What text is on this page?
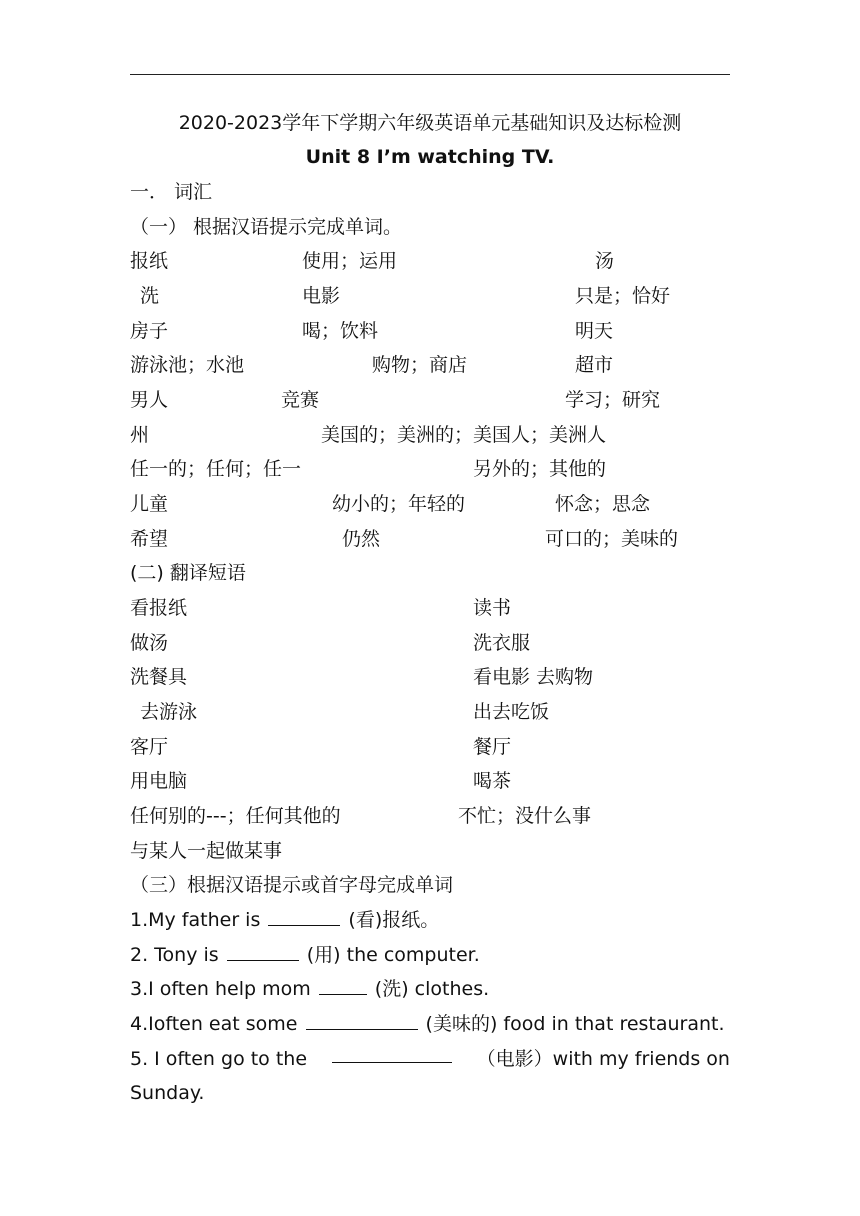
2020-2023学年下学期六年级英语单元基础知识及达标检测
Unit 8 I’m watching TV.
一． 词汇
（一） 根据汉语提示完成单词。
报纸	使用；运用	汤
洗	电影	只是；恰好
房子	喝；饮料	明天
游泳池；水池	购物；商店	超市
男人	竞赛	学习；研究
州	美国的；美洲的；美国人；美洲人
任一的；任何；任一	另外的；其他的
儿童	幼小的；年轻的	怀念；思念
希望	仍然	可口的；美味的
(二) 翻译短语
看报纸	读书
做汤	洗衣服
洗餐具	看电影 去购物
去游泳	出去吃饭
客厅	餐厅
用电脑	喝茶
任何别的---；任何其他的	不忙；没什么事
与某人一起做某事
（三）根据汉语提示或首字母完成单词
1.My father is	(看)报纸。
2. Tony is	(用) the computer.
3.I often help mom	(洗) clothes.
4.Ioften eat some	(美味的) food in that restaurant.
5. I often go to the	（电影）with my friends on
Sunday.
